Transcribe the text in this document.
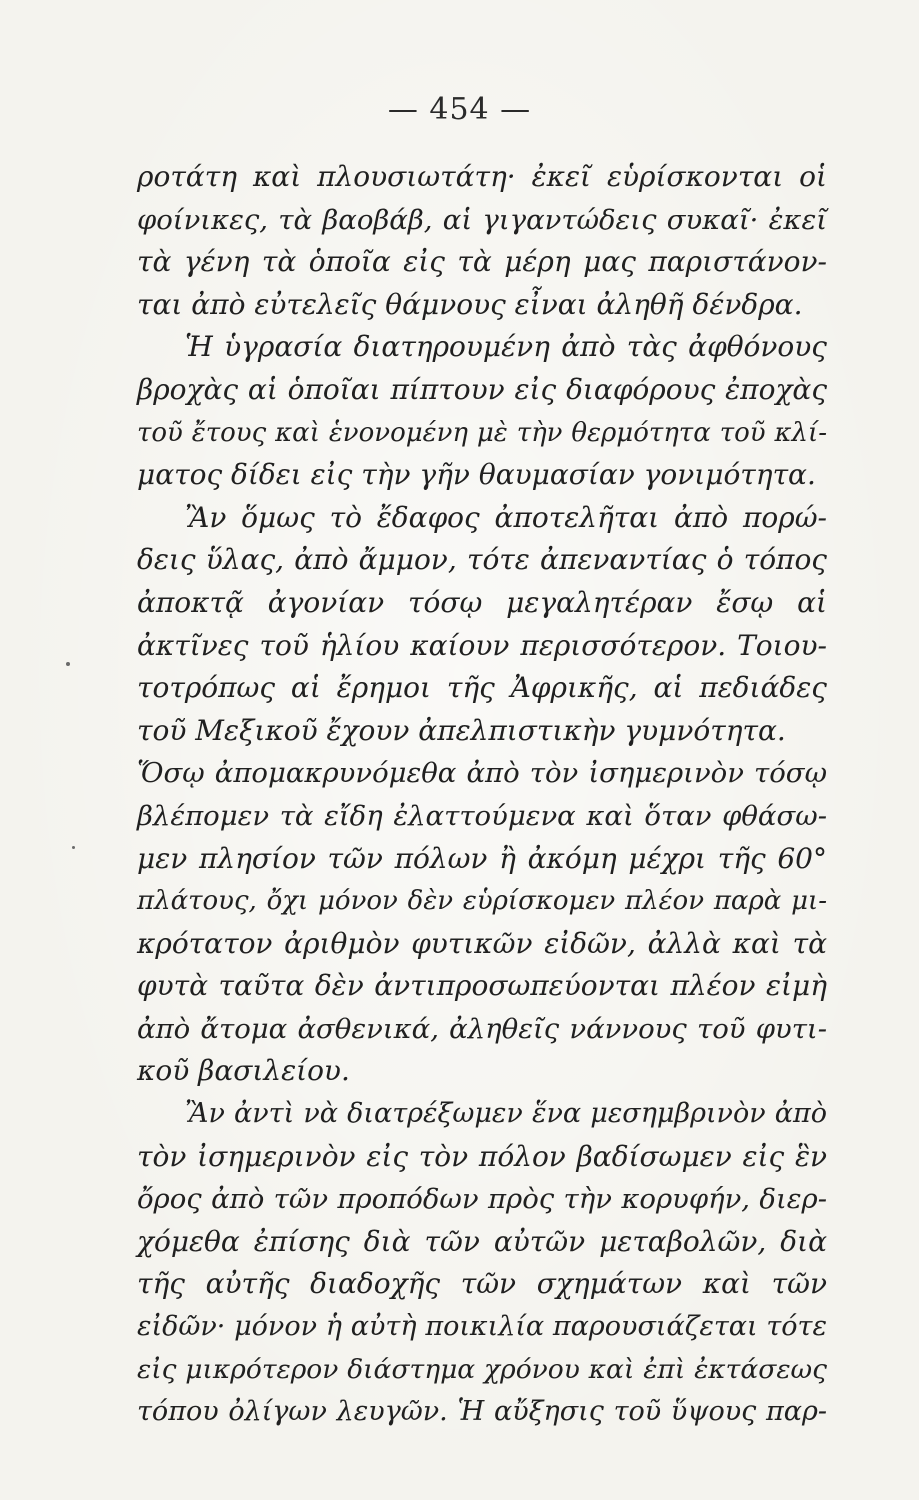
— 454 —
ροτάτη καὶ πλουσιωτάτη· ἐκεῖ εὑρίσκονται οἱ
φοίνικες, τὰ βαοβάβ, αἱ γιγαντώδεις συκαῖ· ἐκεῖ
τὰ γένη τὰ ὁποῖα εἰς τὰ μέρη μας παριστάνον-
ται ἀπὸ εὐτελεῖς θάμνους εἶναι ἀληθῆ δένδρα.
Ἡ ὑγρασία διατηρουμένη ἀπὸ τὰς ἀφθόνους
βροχὰς αἱ ὁποῖαι πίπτουν εἰς διαφόρους ἐποχὰς
τοῦ ἔτους καὶ ἑνονομένη μὲ τὴν θερμότητα τοῦ κλί-
ματος δίδει εἰς τὴν γῆν θαυμασίαν γονιμότητα.
Ἂν ὅμως τὸ ἔδαφος ἀποτελῆται ἀπὸ πορώ-
δεις ὕλας, ἀπὸ ἄμμον, τότε ἀπεναντίας ὁ τόπος
ἀποκτᾷ ἀγονίαν τόσῳ μεγαλητέραν ἔσῳ αἱ
ἀκτῖνες τοῦ ἡλίου καίουν περισσότερον. Τοιου-
τοτρόπως αἱ ἔρημοι τῆς Ἀφρικῆς, αἱ πεδιάδες
τοῦ Μεξικοῦ ἔχουν ἀπελπιστικὴν γυμνότητα.
Ὅσῳ ἀπομακρυνόμεθα ἀπὸ τὸν ἰσημερινὸν τόσῳ
βλέπομεν τὰ εἴδη ἐλαττούμενα καὶ ὅταν φθάσω-
μεν πλησίον τῶν πόλων ἢ ἀκόμη μέχρι τῆς 60°
πλάτους, ὄχι μόνον δὲν εὑρίσκομεν πλέον παρὰ μι-
κρότατον ἀριθμὸν φυτικῶν εἰδῶν, ἀλλὰ καὶ τὰ
φυτὰ ταῦτα δὲν ἀντιπροσωπεύονται πλέον εἰμὴ
ἀπὸ ἄτομα ἀσθενικά, ἀληθεῖς νάννους τοῦ φυτι-
κοῦ βασιλείου.
Ἂν ἀντὶ νὰ διατρέξωμεν ἕνα μεσημβρινὸν ἀπὸ
τὸν ἰσημερινὸν εἰς τὸν πόλον βαδίσωμεν εἰς ἓν
ὄρος ἀπὸ τῶν προπόδων πρὸς τὴν κορυφήν, διερ-
χόμεθα ἐπίσης διὰ τῶν αὐτῶν μεταβολῶν, διὰ
τῆς αὐτῆς διαδοχῆς τῶν σχημάτων καὶ τῶν
εἰδῶν· μόνον ἡ αὐτὴ ποικιλία παρουσιάζεται τότε
εἰς μικρότερον διάστημα χρόνου καὶ ἐπὶ ἐκτάσεως
τόπου ὀλίγων λευγῶν. Ἡ αὔξησις τοῦ ὕψους παρ-
